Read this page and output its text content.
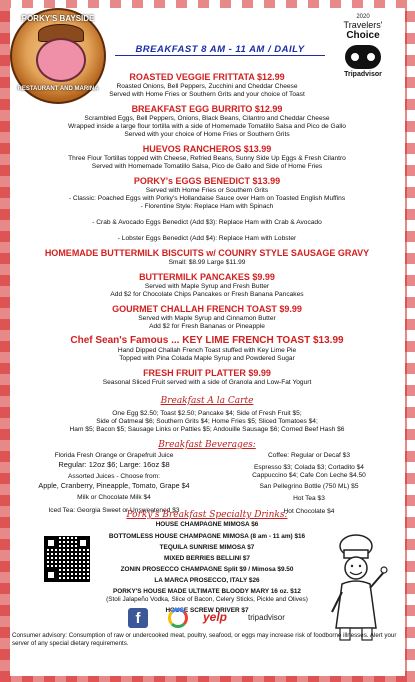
PORKY'S BAYSIDE
RESTAURANT AND MARINA
2020
Travelers'
Choice
Tripadvisor
BREAKFAST 8 AM - 11 AM / DAILY
ROASTED VEGGIE FRITTATA $12.99
Roasted Onions, Bell Peppers, Zucchini and Cheddar Cheese
Served with Home Fries or Southern Grits and your choice of Toast
BREAKFAST EGG BURRITO $12.99
Scrambled Eggs, Bell Peppers, Onions, Black Beans, Cilantro and Cheddar Cheese
Wrapped inside a large flour tortilla with a side of Homemade Tomatillo Salsa and Pico de Gallo
Served with your choice of Home Fries or Southern Grits
HUEVOS RANCHEROS $13.99
Three Flour Tortillas topped with Cheese, Refried Beans, Sunny Side Up Eggs & Fresh Cilantro
Served with Homemade Tomatillo Salsa, Pico de Gallo and Side of Home Fries
PORKY's EGGS BENEDICT $13.99
Served with Home Fries or Southern Grits
- Classic: Poached Eggs with Porky's Hollandaise Sauce over Ham on Toasted English Muffins
- Florentine Style: Replace Ham with Spinach
- Crab & Avocado Eggs Benedict (Add $3): Replace Ham with Crab & Avocado
- Lobster Eggs Benedict (Add $4): Replace Ham with Lobster
HOMEMADE BUTTERMILK BISCUITS w/ COUNRY STYLE SAUSAGE GRAVY
Small: $8.99 Large $11.99
BUTTERMILK PANCAKES $9.99
Served with Maple Syrup and Fresh Butter
Add $2 for Chocolate Chips Pancakes or Fresh Banana Pancakes
GOURMET CHALLAH FRENCH TOAST $9.99
Served with Maple Syrup and Cinnamon Butter
Add $2 for Fresh Bananas or Pineapple
Chef Sean's Famous ... KEY LIME FRENCH TOAST $13.99
Hand Dipped Challah French Toast stuffed with Key Lime Pie
Topped with Pina Colada Maple Syrup and Powdered Sugar
FRESH FRUIT PLATTER $9.99
Seasonal Sliced Fruit served with a side of Granola and Low-Fat Yogurt
Breakfast A la Carte
One Egg $2.50; Toast $2.50; Pancake $4; Side of Fresh Fruit $5;
Side of Oatmeal $6; Southern Grits $4; Home Fries $5; Sliced Tomatoes $4;
Ham $5; Bacon $5; Sausage Links or Patties $5; Andouille Sausage $6; Corned Beef Hash $6
Breakfast Beverages:
Florida Fresh Orange or Grapefruit Juice
Regular: 12oz $6; Large: 16oz $8
Assorted Juices - Choose from:
Apple, Cranberry, Pineapple, Tomato, Grape $4
Milk or Chocolate Milk $4
Iced Tea: Georgia Sweet or Unsweetened $3
Coffee: Regular or Decaf $3
Espresso $3; Colada $3; Cortadito $4
Cappuccino $4; Cafe Con Leche $4.50
San Pellegrino Bottle (750 ML) $5
Hot Tea $3
Hot Chocolate $4
Porky's Breakfast Specialty Drinks:
HOUSE CHAMPAGNE MIMOSA $6
BOTTOMLESS HOUSE CHAMPAGNE MIMOSA (8 am - 11 am) $16
TEQUILA SUNRISE MIMOSA $7
MIXED BERRIES BELLINI $7
ZONIN PROSECCO CHAMPAGNE Split $9 / Mimosa $9.50
LA MARCA PROSECCO, ITALY $26
PORKY'S HOUSE MADE ULTIMATE BLOODY MARY 16 oz. $12
(Stoli Jalapeño Vodka, Slice of Bacon, Celery Sticks, Pickle and Olives)
HOUSE SCREW DRIVER $7
f	yelp	tripadvisor
Consumer advisory: Consumption of raw or undercooked meat, poultry, seafood, or eggs may increase risk of foodborne illnesses. Alert your server of any special dietary requirements.
